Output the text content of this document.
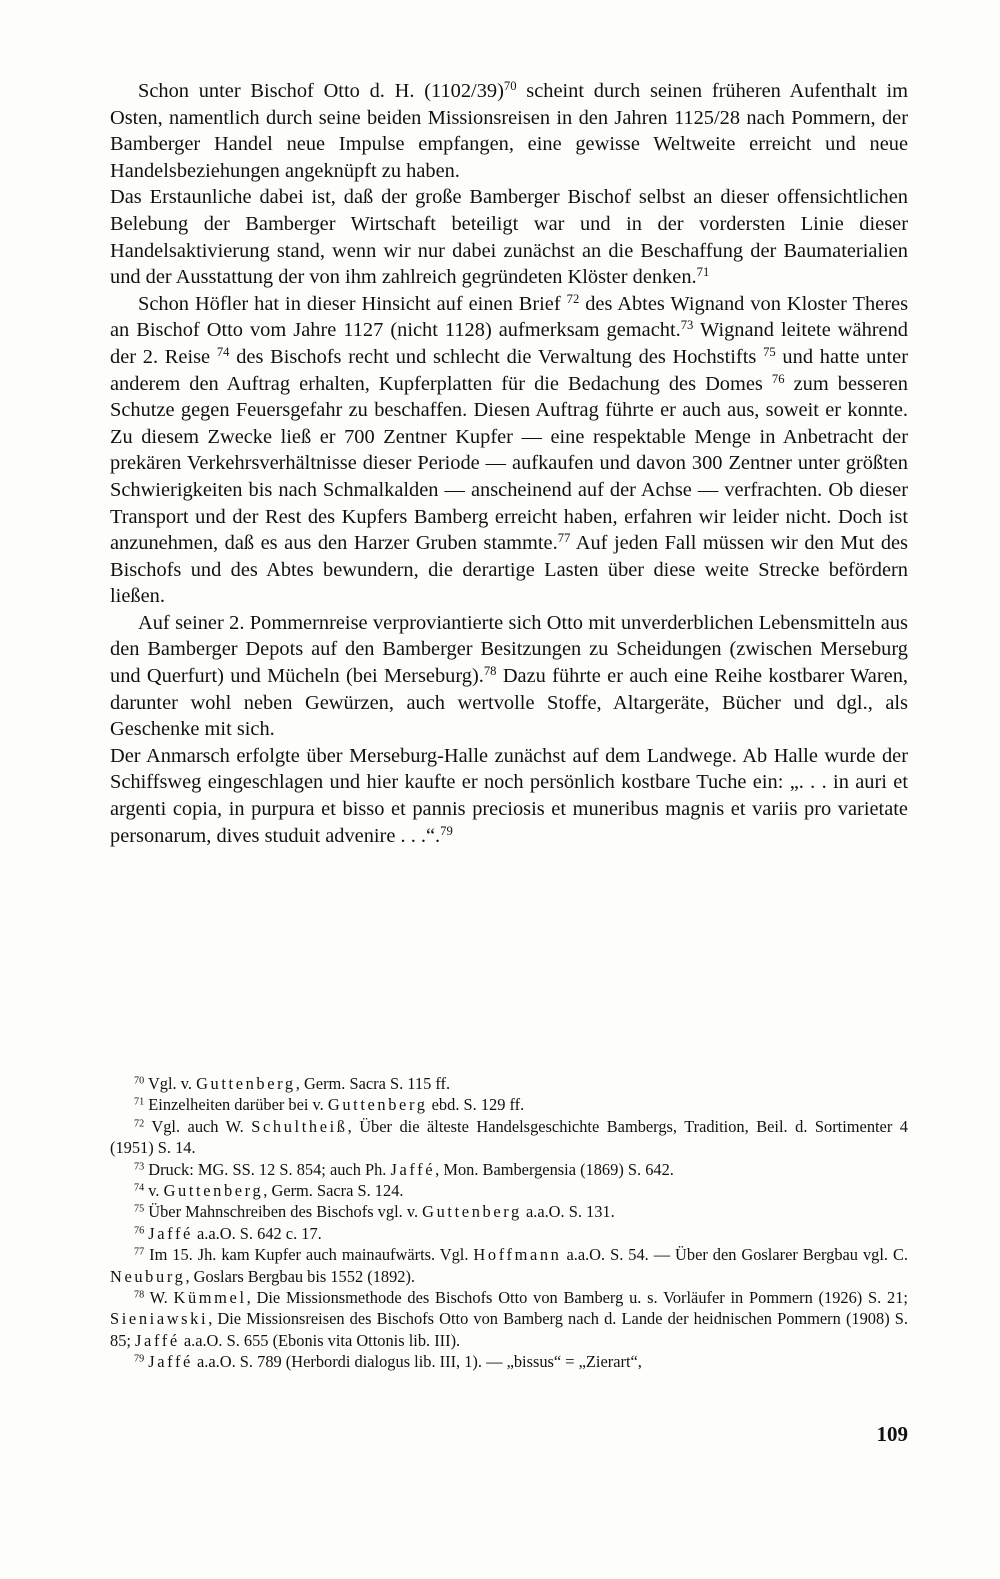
Schon unter Bischof Otto d. H. $(1102/39)^{70}$ scheint durch seinen früheren Aufenthalt im Osten, namentlich durch seine beiden Missionsreisen in den Jahren 1125/28 nach Pommern, der Bamberger Handel neue Impulse empfangen, eine gewisse Weltweite erreicht und neue Handelsbeziehungen angeknüpft zu haben.

Das Erstaunliche dabei ist, daß der große Bamberger Bischof selbst an dieser offensichtlichen Belebung der Bamberger Wirtschaft beteiligt war und in der vordersten Linie dieser Handelsaktivierung stand, wenn wir nur dabei zunächst an die Beschaffung der Baumaterialien und der Ausstattung der von ihm zahlreich gegründeten Klöster denken.$^{71}$

Schon Höfler hat in dieser Hinsicht auf einen Brief $^{72}$ des Abtes Wignand von Kloster Theres an Bischof Otto vom Jahre 1127 (nicht 1128) aufmerksam gemacht.$^{73}$ Wignand leitete während der 2. Reise $^{74}$ des Bischofs recht und schlecht die Verwaltung des Hochstifts $^{75}$ und hatte unter anderem den Auftrag erhalten, Kupferplatten für die Bedachung des Domes $^{76}$ zum besseren Schutze gegen Feuersgefahr zu beschaffen. Diesen Auftrag führte er auch aus, soweit er konnte. Zu diesem Zwecke ließ er 700 Zentner Kupfer — eine respektable Menge in Anbetracht der prekären Verkehrsverhältnisse dieser Periode — aufkaufen und davon 300 Zentner unter größten Schwierigkeiten bis nach Schmalkalden — anscheinend auf der Achse — verfrachten. Ob dieser Transport und der Rest des Kupfers Bamberg erreicht haben, erfahren wir leider nicht. Doch ist anzunehmen, daß es aus den Harzer Gruben stammte.$^{77}$ Auf jeden Fall müssen wir den Mut des Bischofs und des Abtes bewundern, die derartige Lasten über diese weite Strecke befördern ließen.

Auf seiner 2. Pommernreise verproviantierte sich Otto mit unverderblichen Lebensmitteln aus den Bamberger Depots auf den Bamberger Besitzungen zu Scheidungen (zwischen Merseburg und Querfurt) und Mücheln (bei Merseburg).$^{78}$ Dazu führte er auch eine Reihe kostbarer Waren, darunter wohl neben Gewürzen, auch wertvolle Stoffe, Altargeräte, Bücher und dgl., als Geschenke mit sich.

Der Anmarsch erfolgte über Merseburg-Halle zunächst auf dem Landwege. Ab Halle wurde der Schiffsweg eingeschlagen und hier kaufte er noch persönlich kostbare Tuche ein: „. . . in auri et argenti copia, in purpura et bisso et pannis preciosis et muneribus magnis et variis pro varietate personarum, dives studuit advenire . . .“.$^{79}$

$^{70}$ Vgl. v. Guttenberg, Germ. Sacra S. 115 ff.

$^{71}$ Einzelheiten darüber bei v. Guttenberg ebd. S. 129 ff.

$^{72}$ Vgl. auch W. Schultheiß, Über die älteste Handelsgeschichte Bambergs, Tradition, Beil. d. Sortimenter 4 (1951) S. 14.

$^{73}$ Druck: MG. SS. 12 S. 854; auch Ph. Jaffé, Mon. Bambergensia (1869) S. 642.

$^{74}$ v. Guttenberg, Germ. Sacra S. 124.

$^{75}$ Über Mahnschreiben des Bischofs vgl. v. Guttenberg a.a.O. S. 131.

$^{76}$ Jaffé a.a.O. S. 642 c. 17.

$^{77}$ Im 15. Jh. kam Kupfer auch mainaufwärts. Vgl. Hoffmann a.a.O. S. 54. — Über den Goslarer Bergbau vgl. C. Neuburg, Goslars Bergbau bis 1552 (1892).

$^{78}$ W. Kümmel, Die Missionsmethode des Bischofs Otto von Bamberg u. s. Vorläufer in Pommern (1926) S. 21; Sieniawski, Die Missionsreisen des Bischofs Otto von Bamberg nach d. Lande der heidnischen Pommern (1908) S. 85; Jaffé a.a.O. S. 655 (Ebonis vita Ottonis lib. III).

$^{79}$ Jaffé a.a.O. S. 789 (Herbordi dialogus lib. III, 1). — „bissus“ = „Zierart“,

109
